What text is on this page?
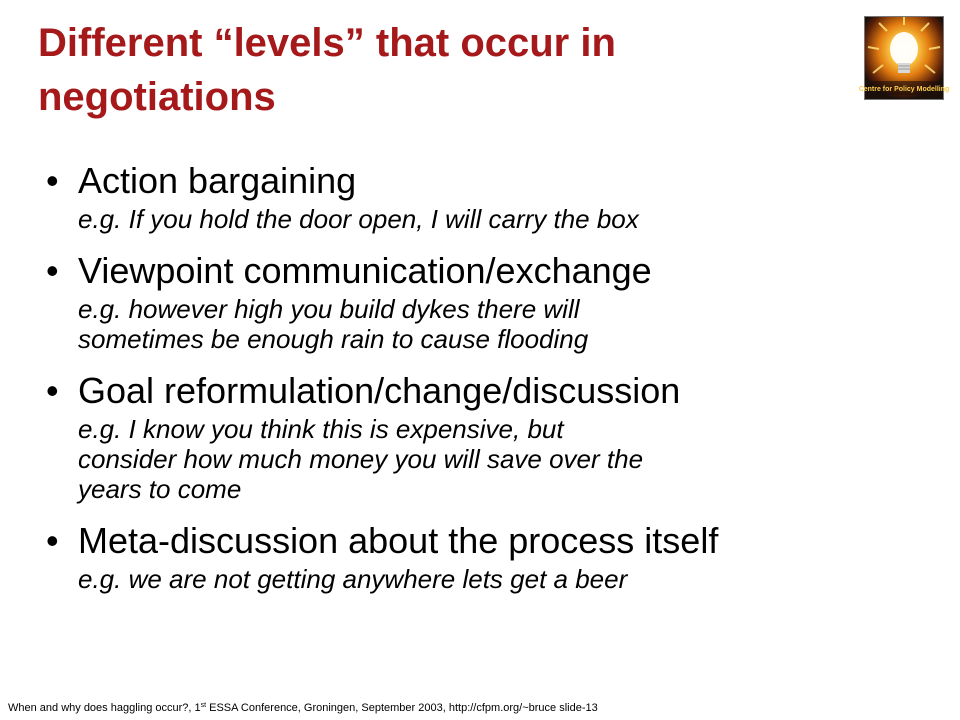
Different “levels” that occur in negotiations	Centre for Policy Modelling
• Action bargaining
e.g. If you hold the door open, I will carry the box
• Viewpoint communication/exchange
e.g. however high you build dykes there will
sometimes be enough rain to cause flooding
• Goal reformulation/change/discussion
e.g. I know you think this is expensive, but
consider how much money you will save over the
years to come
• Meta-discussion about the process itself
e.g. we are not getting anywhere lets get a beer
When and why does haggling occur?, 1st ESSA Conference, Groningen, September 2003, http://cfpm.org/~bruce slide-13
